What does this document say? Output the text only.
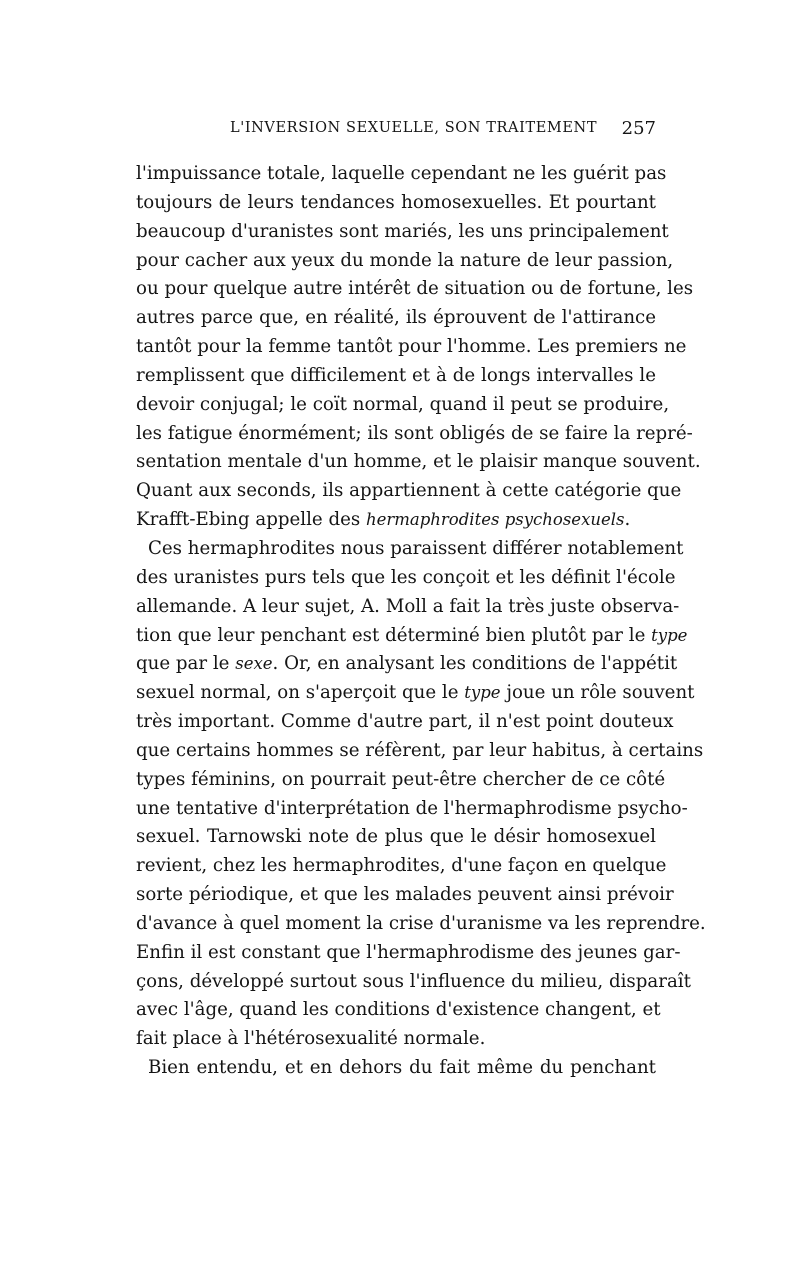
L'INVERSION SEXUELLE, SON TRAITEMENT 257
l'impuissance totale, laquelle cependant ne les guérit pas
toujours de leurs tendances homosexuelles. Et pourtant
beaucoup d'uranistes sont mariés, les uns principalement
pour cacher aux yeux du monde la nature de leur passion,
ou pour quelque autre intérêt de situation ou de fortune, les
autres parce que, en réalité, ils éprouvent de l'attirance
tantôt pour la femme tantôt pour l'homme. Les premiers ne
remplissent que difficilement et à de longs intervalles le
devoir conjugal; le coït normal, quand il peut se produire,
les fatigue énormément; ils sont obligés de se faire la repré-
sentation mentale d'un homme, et le plaisir manque souvent.
Quant aux seconds, ils appartiennent à cette catégorie que
Krafft-Ebing appelle des hermaphrodites psychosexuels.
Ces hermaphrodites nous paraissent différer notablement
des uranistes purs tels que les conçoit et les définit l'école
allemande. A leur sujet, A. Moll a fait la très juste observa-
tion que leur penchant est déterminé bien plutôt par le type
que par le sexe. Or, en analysant les conditions de l'appétit
sexuel normal, on s'aperçoit que le type joue un rôle souvent
très important. Comme d'autre part, il n'est point douteux
que certains hommes se réfèrent, par leur habitus, à certains
types féminins, on pourrait peut-être chercher de ce côté
une tentative d'interprétation de l'hermaphrodisme psycho-
sexuel. Tarnowski note de plus que le désir homosexuel
revient, chez les hermaphrodites, d'une façon en quelque
sorte périodique, et que les malades peuvent ainsi prévoir
d'avance à quel moment la crise d'uranisme va les reprendre.
Enfin il est constant que l'hermaphrodisme des jeunes gar-
çons, développé surtout sous l'influence du milieu, disparaît
avec l'âge, quand les conditions d'existence changent, et
fait place à l'hétérosexualité normale.
Bien entendu, et en dehors du fait même du penchant
